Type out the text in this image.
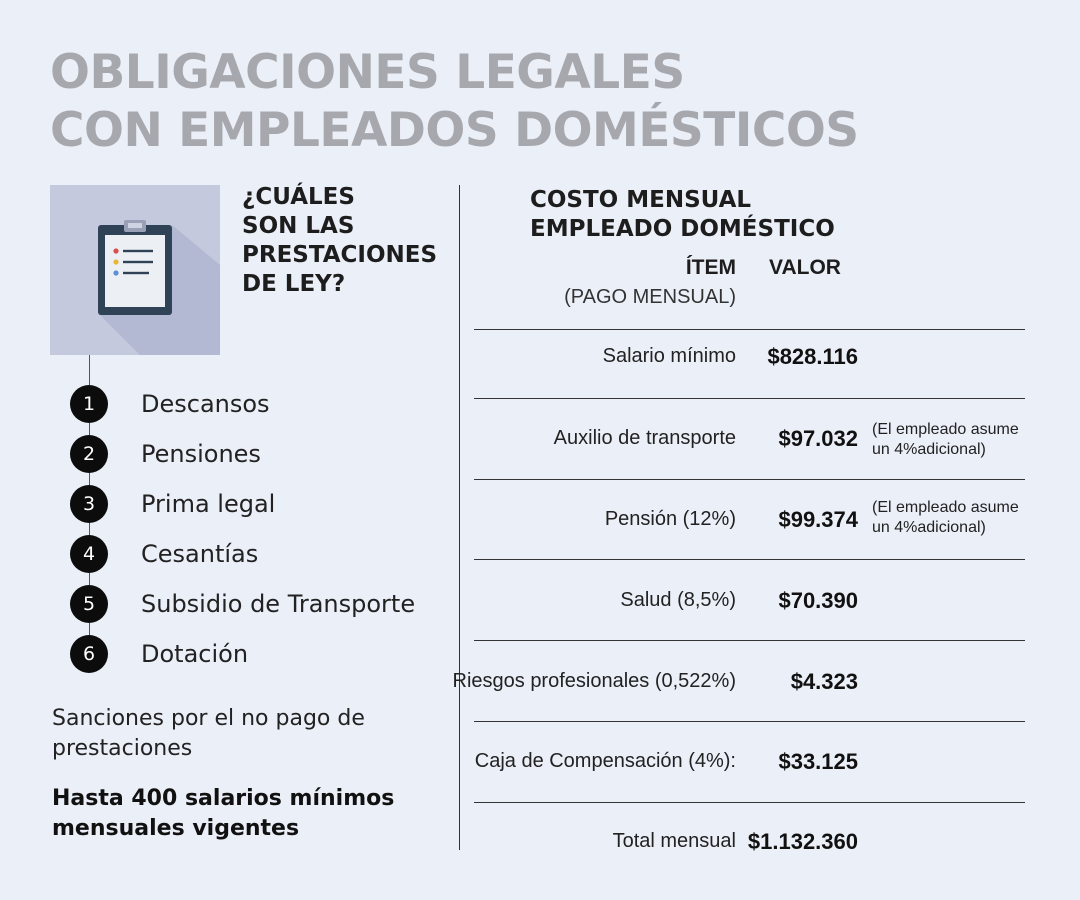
OBLIGACIONES LEGALES
CON EMPLEADOS DOMÉSTICOS
¿CUÁLES
SON LAS
PRESTACIONES
DE LEY?
1	Descansos
2	Pensiones
3	Prima legal
4	Cesantías
5	Subsidio de Transporte
6	Dotación
Sanciones por el no pago de
prestaciones
Hasta 400 salarios mínimos
mensuales vigentes
COSTO MENSUAL
EMPLEADO DOMÉSTICO
ÍTEM
(PAGO MENSUAL)
VALOR
Salario mínimo $828.116
Auxilio de transporte $97.032 (El empleado asume
un 4%adicional)
Pensión (12%) $99.374 (El empleado asume
un 4%adicional)
Salud (8,5%) $70.390
Riesgos profesionales (0,522%) $4.323
Caja de Compensación (4%): $33.125
Total mensual $1.132.360
